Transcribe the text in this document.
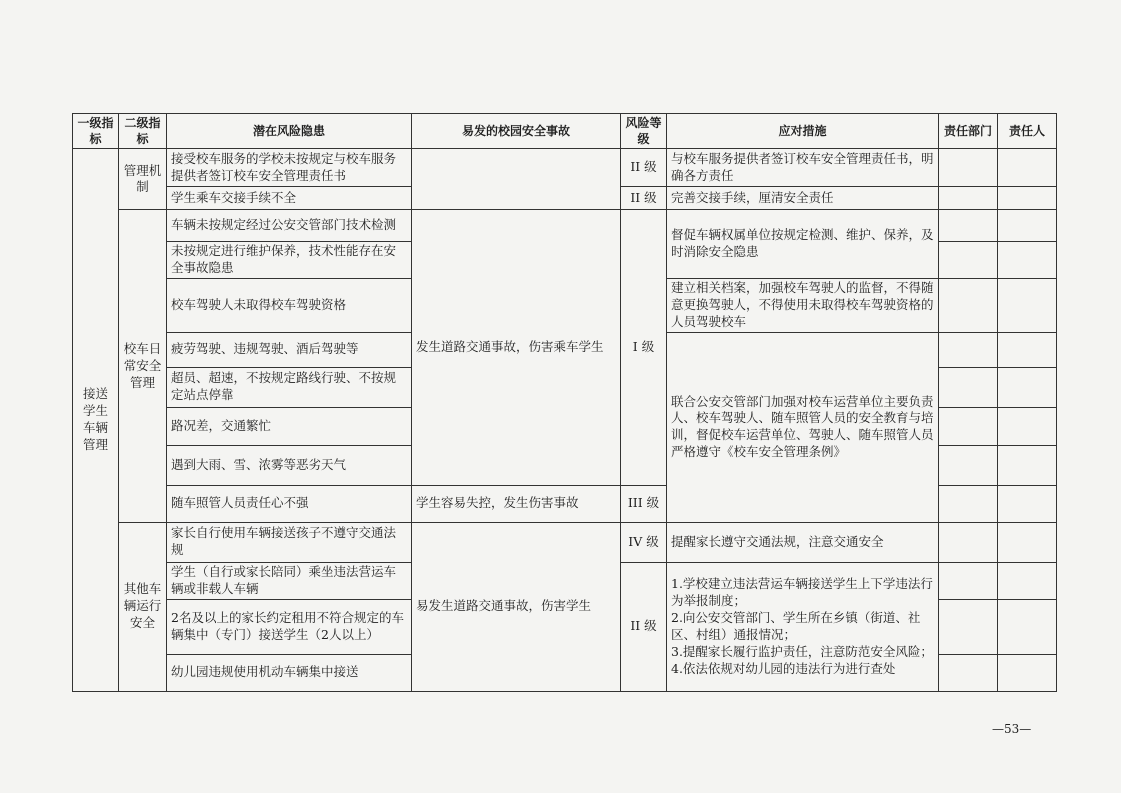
一级指标	二级指标	潜在风险隐患	易发的校园安全事故	风险等级	应对措施	责任部门	责任人
接送学生车辆管理	管理机制	接受校车服务的学校未按规定与校车服务提供者签订校车安全管理责任书		II 级	与校车服务提供者签订校车安全管理责任书，明确各方责任		
		学生乘车交接手续不全		II 级	完善交接手续，厘清安全责任		
	校车日常安全管理	车辆未按规定经过公安交管部门技术检测	发生道路交通事故，伤害乘车学生	I 级	督促车辆权属单位按规定检测、维护、保养，及时消除安全隐患		
		未按规定进行维护保养，技术性能存在安全事故隐患					
		校车驾驶人未取得校车驾驶资格			建立相关档案，加强校车驾驶人的监督，不得随意更换驾驶人，不得使用未取得校车驾驶资格的人员驾驶校车		
		疲劳驾驶、违规驾驶、酒后驾驶等			联合公安交管部门加强对校车运营单位主要负责人、校车驾驶人、随车照管人员的安全教育与培训，督促校车运营单位、驾驶人、随车照管人员严格遵守《校车安全管理条例》		
		超员、超速，不按规定路线行驶、不按规定站点停靠					
		路况差，交通繁忙					
		遇到大雨、雪、浓雾等恶劣天气					
		随车照管人员责任心不强	学生容易失控，发生伤害事故	III 级			
	其他车辆运行安全	家长自行使用车辆接送孩子不遵守交通法规	易发生道路交通事故，伤害学生	IV 级	提醒家长遵守交通法规，注意交通安全		
		学生（自行或家长陪同）乘坐违法营运车辆或非载人车辆		II 级	1.学校建立违法营运车辆接送学生上下学违法行为举报制度；
2.向公安交管部门、学生所在乡镇（街道、社区、村组）通报情况；
3.提醒家长履行监护责任，注意防范安全风险；
4.依法依规对幼儿园的违法行为进行查处		

		2名及以上的家长约定租用不符合规定的车辆集中（专门）接送学生（2人以上）					
		幼儿园违规使用机动车辆集中接送					
—53—
